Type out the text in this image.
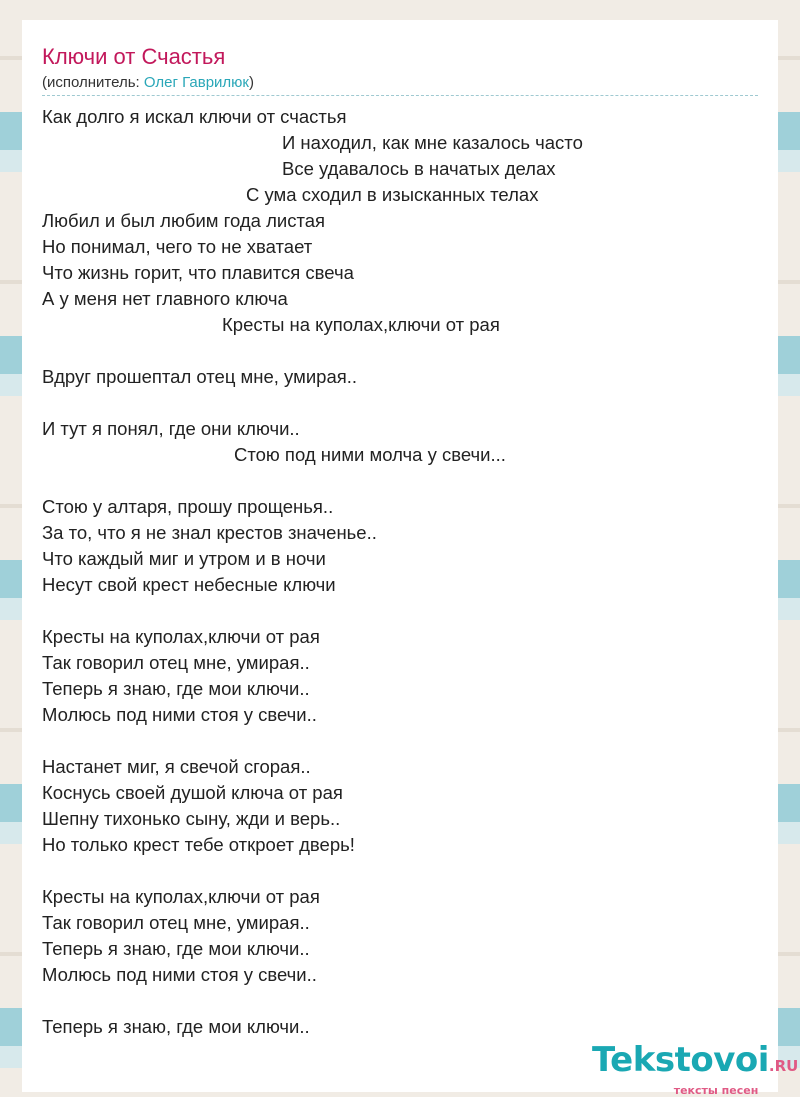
Ключи от Счастья
(исполнитель: Олег Гаврилюк)
Как долго я искал ключи от счастья
И находил, как мне казалось часто
Все удавалось в начатых делах
С ума сходил в изысканных телах
Любил и был любим года листая
Но понимал, чего то не хватает
Что жизнь горит, что плавится свеча
А у меня нет главного ключа
Кресты на куполах,ключи от рая
Вдруг прошептал отец мне, умирая..
И тут я понял, где они ключи..
Стою под ними молча у свечи...
Стою у алтаря, прошу прощенья..
За то, что я не знал крестов значенье..
Что каждый миг и утром и в ночи
Несут свой крест небесные ключи
Кресты на куполах,ключи от рая
Так говорил отец мне, умирая..
Теперь я знаю, где мои ключи..
Молюсь под ними стоя у свечи..
Настанет миг, я свечой сгорая..
Коснусь своей душой ключа от рая
Шепну тихонько сыну, жди и верь..
Но только крест тебе откроет дверь!
Кресты на куполах,ключи от рая
Так говорил отец мне, умирая..
Теперь я знаю, где мои ключи..
Молюсь под ними стоя у свечи..
Теперь я знаю, где мои ключи..
Tekstovoi.RU
тексты песен
